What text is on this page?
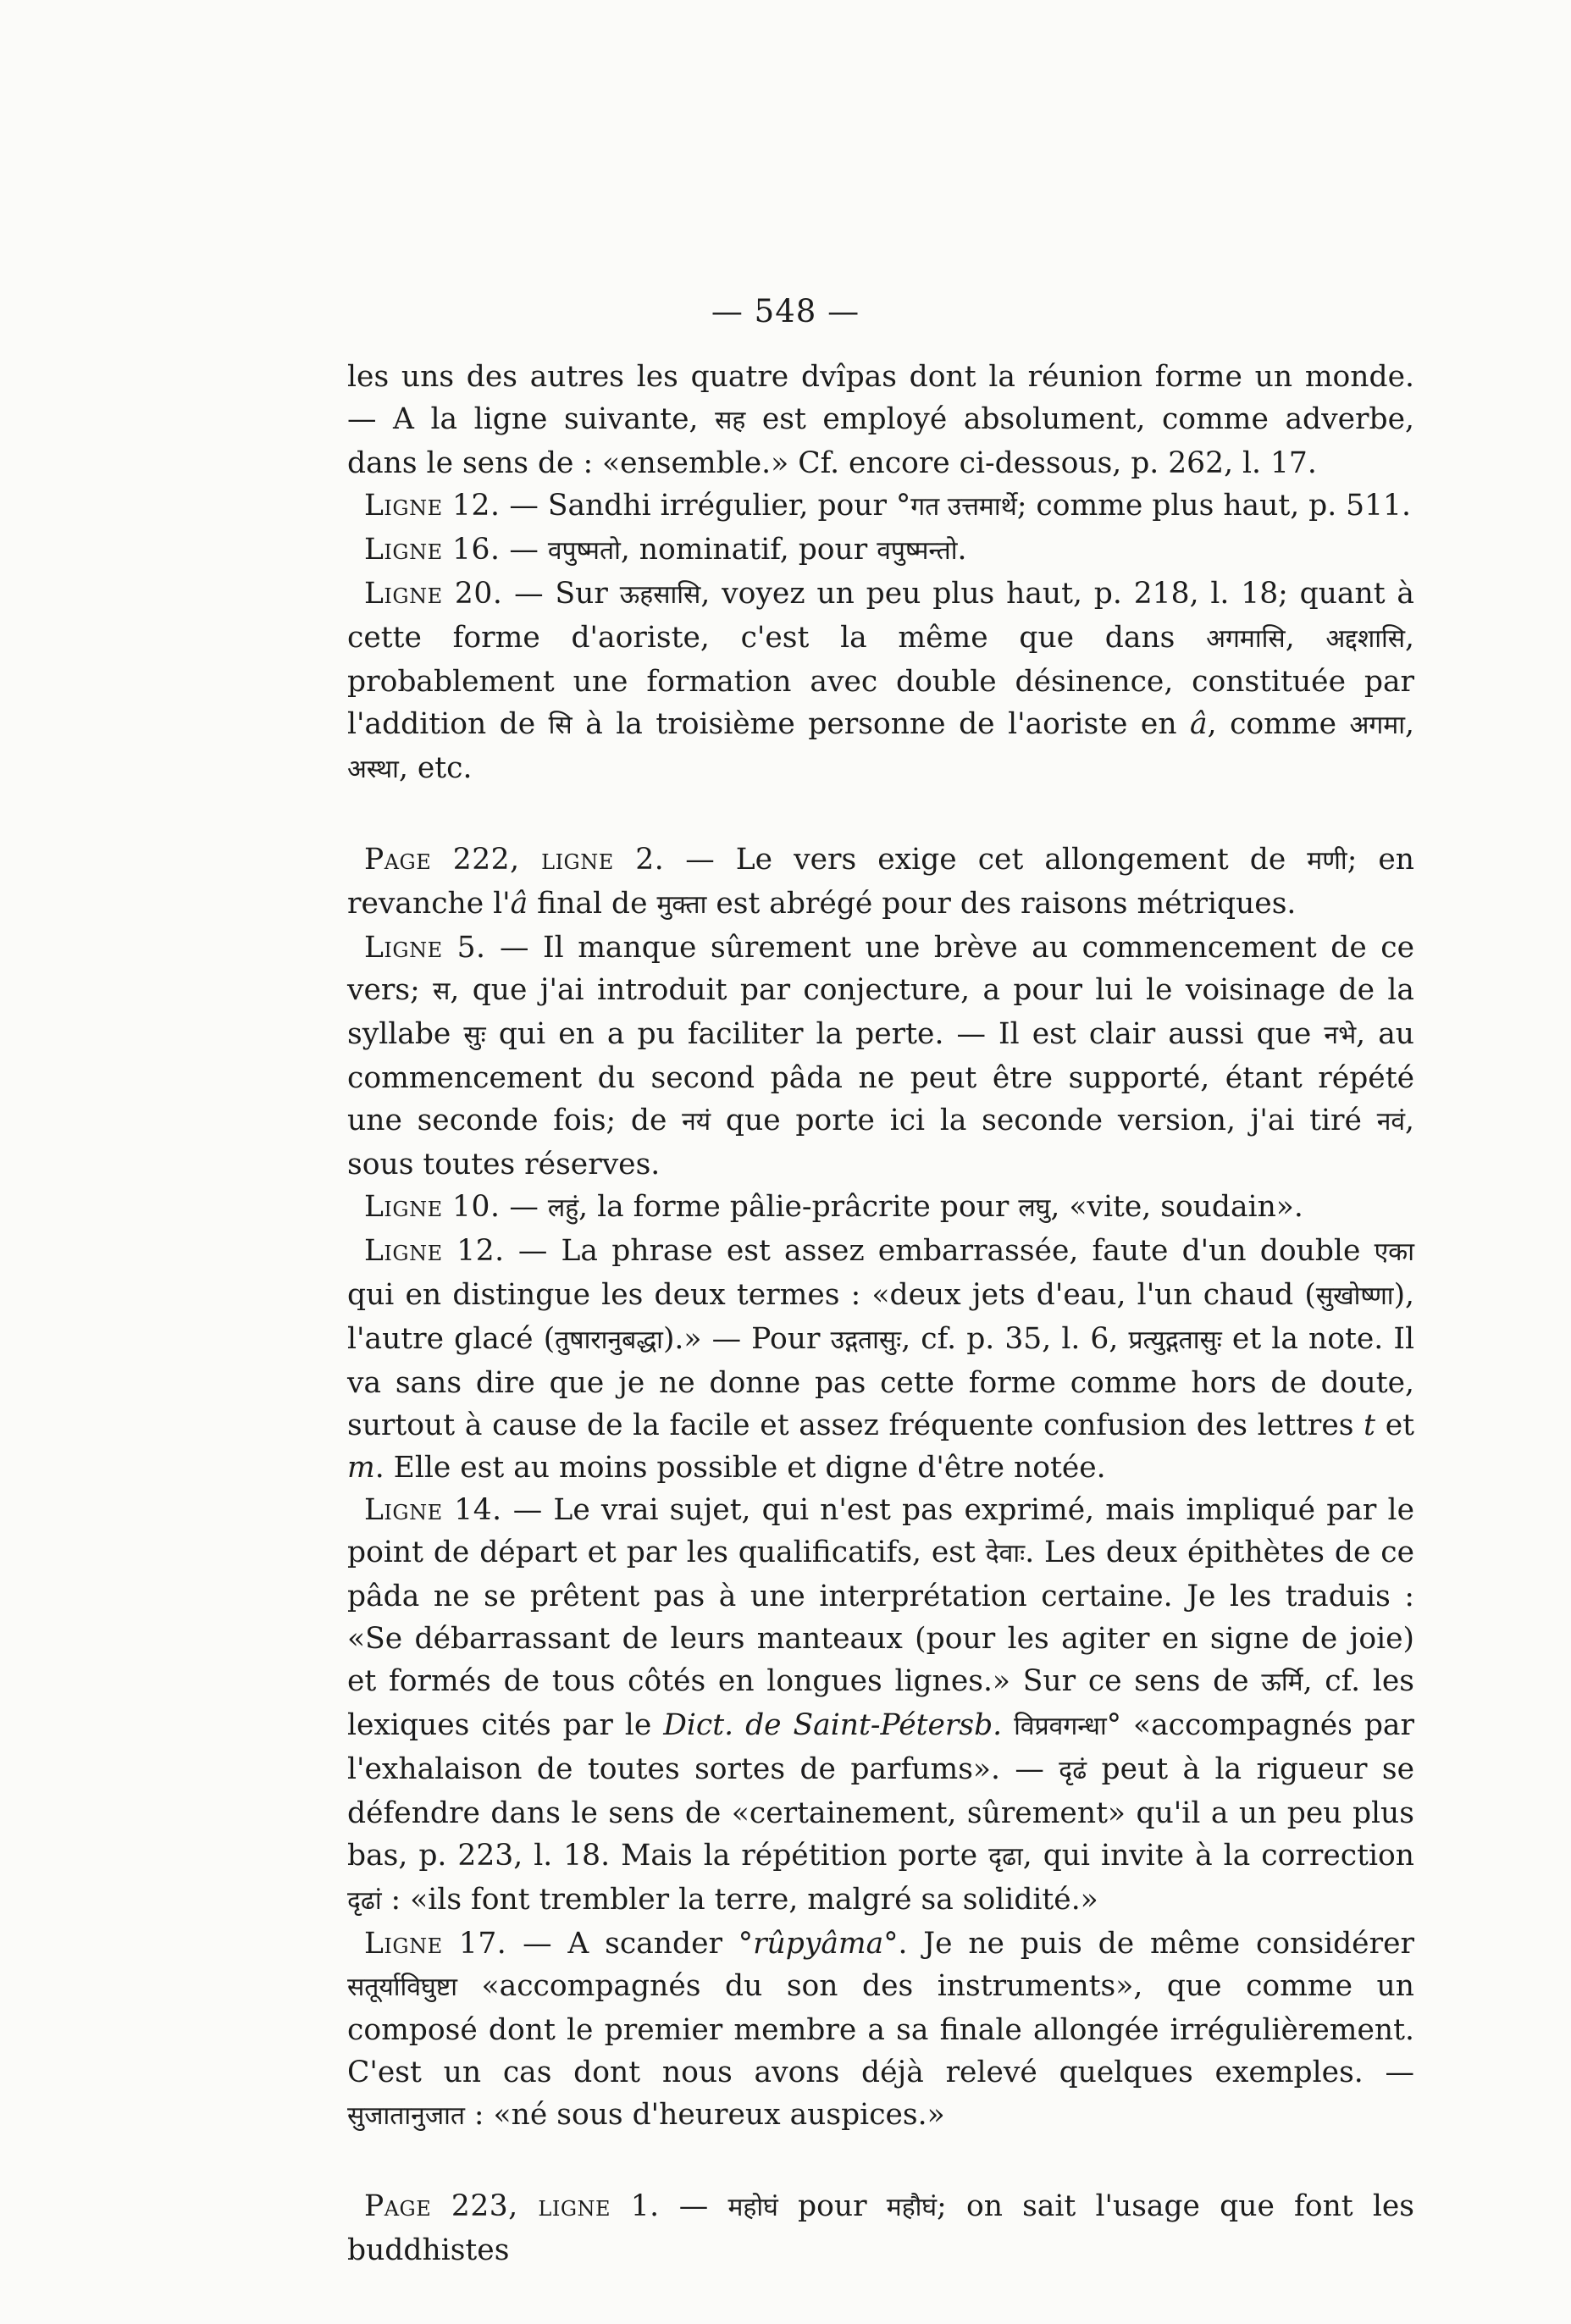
— 548 —

les uns des autres les quatre dvîpas dont la réunion forme un monde. — A la ligne suivante, सह est employé absolument, comme adverbe, dans le sens de : «ensemble.» Cf. encore ci-dessous, p. 262, l. 17.

Ligne 12. — Sandhi irrégulier, pour °गत उत्तमार्थे; comme plus haut, p. 511.

Ligne 16. — वपुष्मतो, nominatif, pour वपुष्मन्तो.

Ligne 20. — Sur ऊहसासि, voyez un peu plus haut, p. 218, l. 18; quant à cette forme d'aoriste, c'est la même que dans अगमासि, अद्दशासि, probablement une formation avec double désinence, constituée par l'addition de सि à la troisième personne de l'aoriste en â, comme अगमा, अस्था, etc.

Page 222, ligne 2. — Le vers exige cet allongement de मणी; en revanche l'â final de मुक्ता est abrégé pour des raisons métriques.

Ligne 5. — Il manque sûrement une brève au commencement de ce vers; स, que j'ai introduit par conjecture, a pour lui le voisinage de la syllabe सुः qui en a pu faciliter la perte. — Il est clair aussi que नभे, au commencement du second pâda ne peut être supporté, étant répété une seconde fois; de नयं que porte ici la seconde version, j'ai tiré नवं, sous toutes réserves.

Ligne 10. — लहुं, la forme pâlie-prâcrite pour लघु, «vite, soudain».

Ligne 12. — La phrase est assez embarrassée, faute d'un double एका qui en distingue les deux termes : «deux jets d'eau, l'un chaud (सुखोष्णा), l'autre glacé (तुषारानुबद्धा).» — Pour उद्गतासुः, cf. p. 35, l. 6, प्रत्युद्गतासुः et la note. Il va sans dire que je ne donne pas cette forme comme hors de doute, surtout à cause de la facile et assez fréquente confusion des lettres t et m. Elle est au moins possible et digne d'être notée.

Ligne 14. — Le vrai sujet, qui n'est pas exprimé, mais impliqué par le point de départ et par les qualificatifs, est देवाः. Les deux épithètes de ce pâda ne se prêtent pas à une interprétation certaine. Je les traduis : «Se débarrassant de leurs manteaux (pour les agiter en signe de joie) et formés de tous côtés en longues lignes.» Sur ce sens de ऊर्मि, cf. les lexiques cités par le Dict. de Saint-Pétersb. विप्रवगन्धा° «accompagnés par l'exhalaison de toutes sortes de parfums». — दृढं peut à la rigueur se défendre dans le sens de «certainement, sûrement» qu'il a un peu plus bas, p. 223, l. 18. Mais la répétition porte दृढा, qui invite à la correction दृढां : «ils font trembler la terre, malgré sa solidité.»

Ligne 17. — A scander °rûpyâma°. Je ne puis de même considérer सतूर्याविघुष्टा «accompagnés du son des instruments», que comme un composé dont le premier membre a sa finale allongée irrégulièrement. C'est un cas dont nous avons déjà relevé quelques exemples. — सुजातानुजात : «né sous d'heureux auspices.»

Page 223, ligne 1. — महोघं pour महौघं; on sait l'usage que font les buddhistes
